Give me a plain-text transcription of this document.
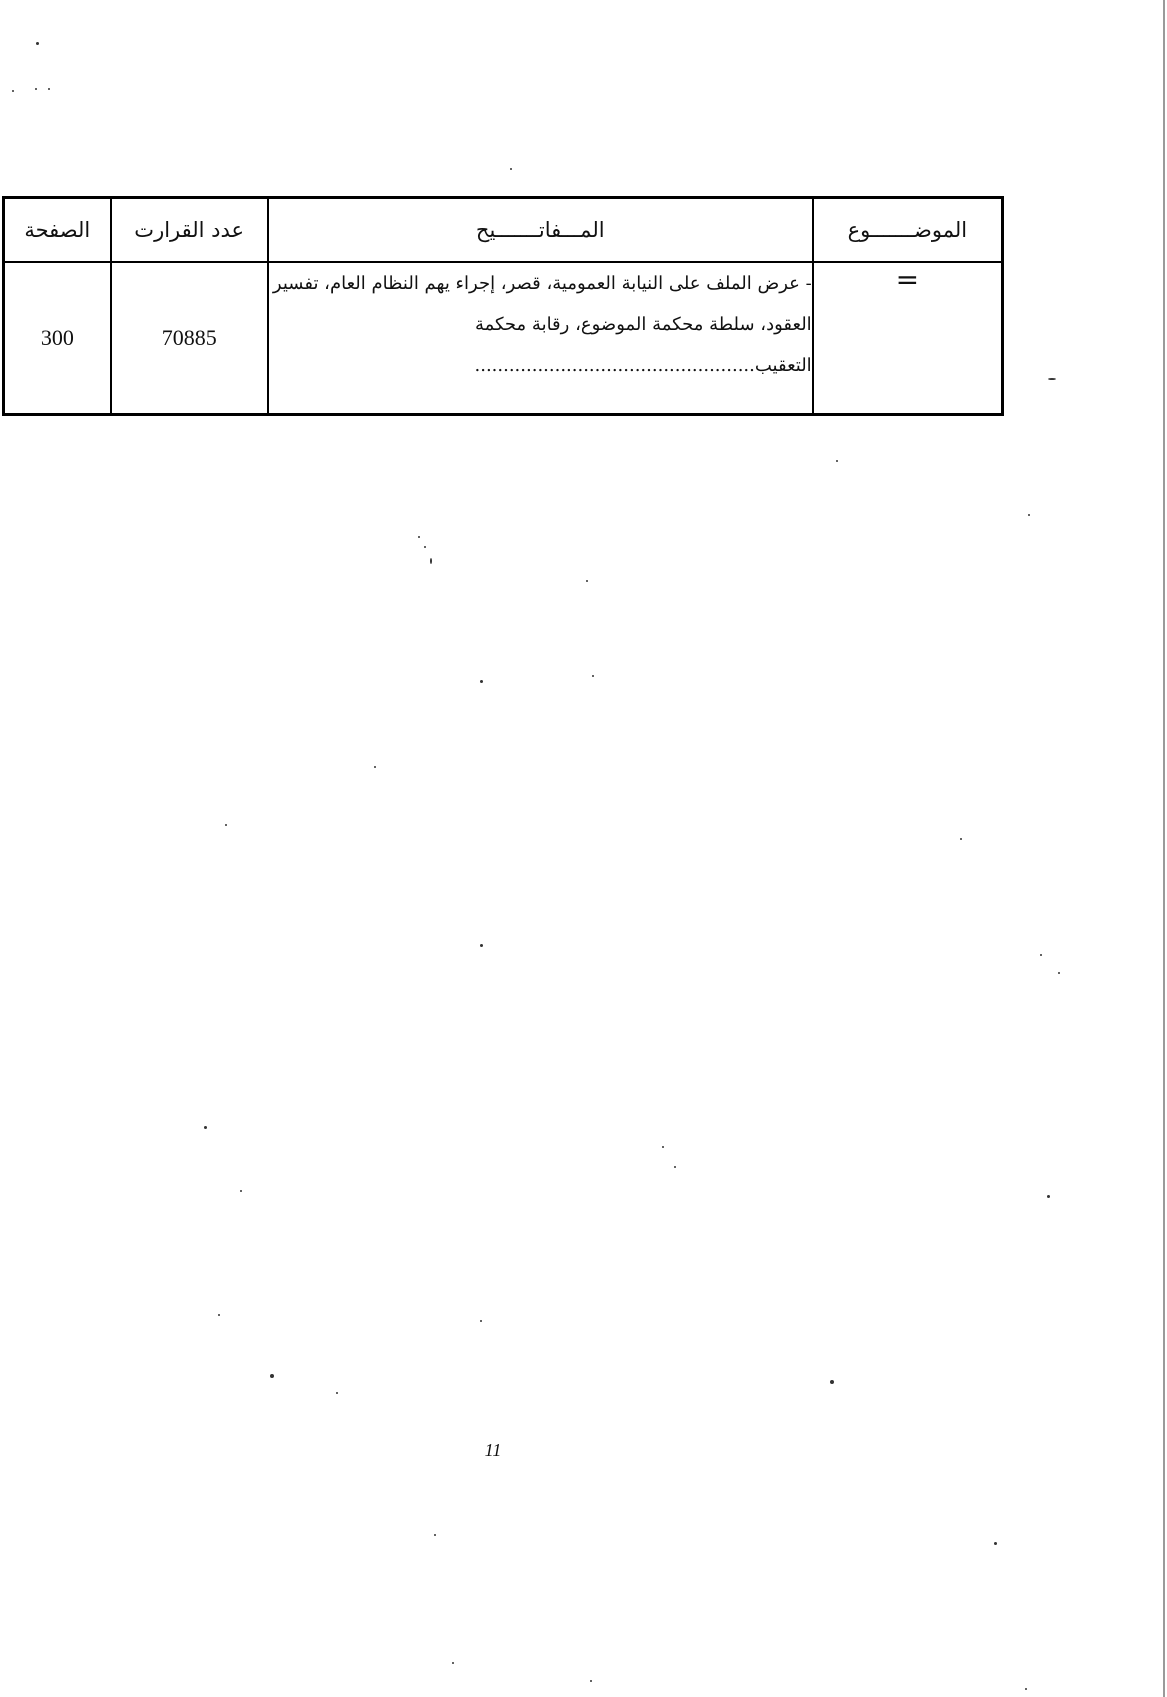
الموضـــــــوع	المـــفاتـــــــيح	عدد القرارت	الصفحة
=	- عرض الملف على النيابة العمومية، قصر، إجراء يهم النظام العام، تفسير العقود، سلطة محكمة الموضوع، رقابة محكمة التعقيب.................................................	70885	300
11
